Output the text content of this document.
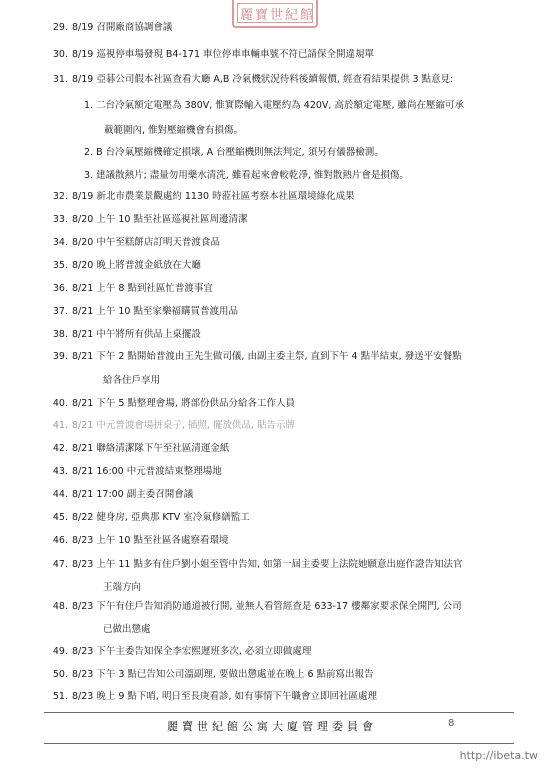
麗寶世紀館
29. 8/19 召開廠商協調會議
30. 8/19 巡視停車場發現 B4-171 車位停車車輛車號不符已請保全開違規單
31. 8/19 亞碁公司假本社區查看大廳 A,B 冷氣機狀況待料後續報價, 經查看結果提供 3 點意見:
1. 二台冷氣額定電壓為 380V, 惟實際輸入電壓約為 420V, 高於額定電壓, 雖尚在壓縮可承
載範圍內, 惟對壓縮機會有損傷。
2. B 台冷氣壓縮機確定損壞, A 台壓縮機則無法判定, 須另有儀器檢測。
3. 建議散熱片; 盡量勿用藥水清洗, 雖看起來會較乾淨, 惟對散熱片會是損傷。
32. 8/19 新北市農業景觀處約 1130 時蒞社區考察本社區環境綠化成果
33. 8/20 上午 10 點至社區巡視社區周邊清潔
34. 8/20 中午至糕餅店訂明天普渡食品
35. 8/20 晚上將普渡金紙放在大廳
36. 8/21 上午 8 點到社區忙普渡事宜
37. 8/21 上午 10 點至家樂福購買普渡用品
38. 8/21 中午將所有供品上桌擺設
39. 8/21 下午 2 點開始普渡由王先生做司儀, 由副主委主祭, 直到下午 4 點半結束, 發送平安餐點
給各住戶享用
40. 8/21 下午 5 點整理會場, 將部份供品分給各工作人員
41. 8/21 中元普渡會場拼桌子, 插照, 擺放供品, 貼告示牌
42. 8/21 聯絡清潔隊下午至社區清運金紙
43. 8/21 16:00 中元普渡結束整理場地
44. 8/21 17:00 副主委召開會議
45. 8/22 健身房, 亞典那 KTV 室冷氣修繕監工
46. 8/23 上午 10 點至社區各處察看環境
47. 8/23 上午 11 點多有住戶劉小姐至管中告知, 如第一屆主委要上法院她願意出庭作證告知法官
王端方向
48. 8/23 下午有住戶告知消防通道被行開, 並無人看管經查是 633-17 樓鄰家要求保全開門, 公司
已做出懲處
49. 8/23 下午主委告知保全李宏熙遲班多次, 必須立即做處理
50. 8/23 下午 3 點已告知公司溫副理, 要做出懲處並在晚上 6 點前寫出報告
51. 8/23 晚上 9 點下哨, 明日至長庚看診, 如有事情下午職會立即回社區處理
麗寶世紀館公寓大廈管理委員會	8
http://ibeta.tw
